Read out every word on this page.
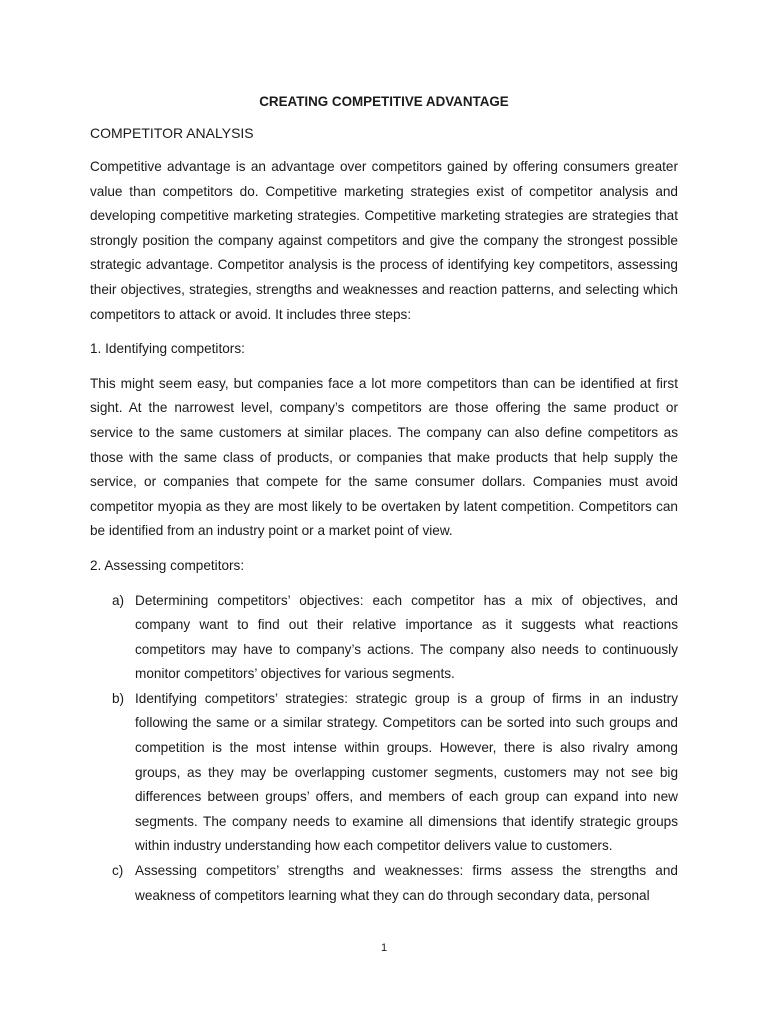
CREATING COMPETITIVE ADVANTAGE

COMPETITOR ANALYSIS

Competitive advantage is an advantage over competitors gained by offering consumers greater value than competitors do. Competitive marketing strategies exist of competitor analysis and developing competitive marketing strategies. Competitive marketing strategies are strategies that strongly position the company against competitors and give the company the strongest possible strategic advantage. Competitor analysis is the process of identifying key competitors, assessing their objectives, strategies, strengths and weaknesses and reaction patterns, and selecting which competitors to attack or avoid. It includes three steps:

1. Identifying competitors:

This might seem easy, but companies face a lot more competitors than can be identified at first sight. At the narrowest level, company’s competitors are those offering the same product or service to the same customers at similar places. The company can also define competitors as those with the same class of products, or companies that make products that help supply the service, or companies that compete for the same consumer dollars. Companies must avoid competitor myopia as they are most likely to be overtaken by latent competition. Competitors can be identified from an industry point or a market point of view.

2. Assessing competitors:

a) Determining competitors’ objectives: each competitor has a mix of objectives, and company want to find out their relative importance as it suggests what reactions competitors may have to company’s actions. The company also needs to continuously monitor competitors’ objectives for various segments.
b) Identifying competitors’ strategies: strategic group is a group of firms in an industry following the same or a similar strategy. Competitors can be sorted into such groups and competition is the most intense within groups. However, there is also rivalry among groups, as they may be overlapping customer segments, customers may not see big differences between groups’ offers, and members of each group can expand into new segments. The company needs to examine all dimensions that identify strategic groups within industry understanding how each competitor delivers value to customers.
c) Assessing competitors’ strengths and weaknesses: firms assess the strengths and weakness of competitors learning what they can do through secondary data, personal
1
